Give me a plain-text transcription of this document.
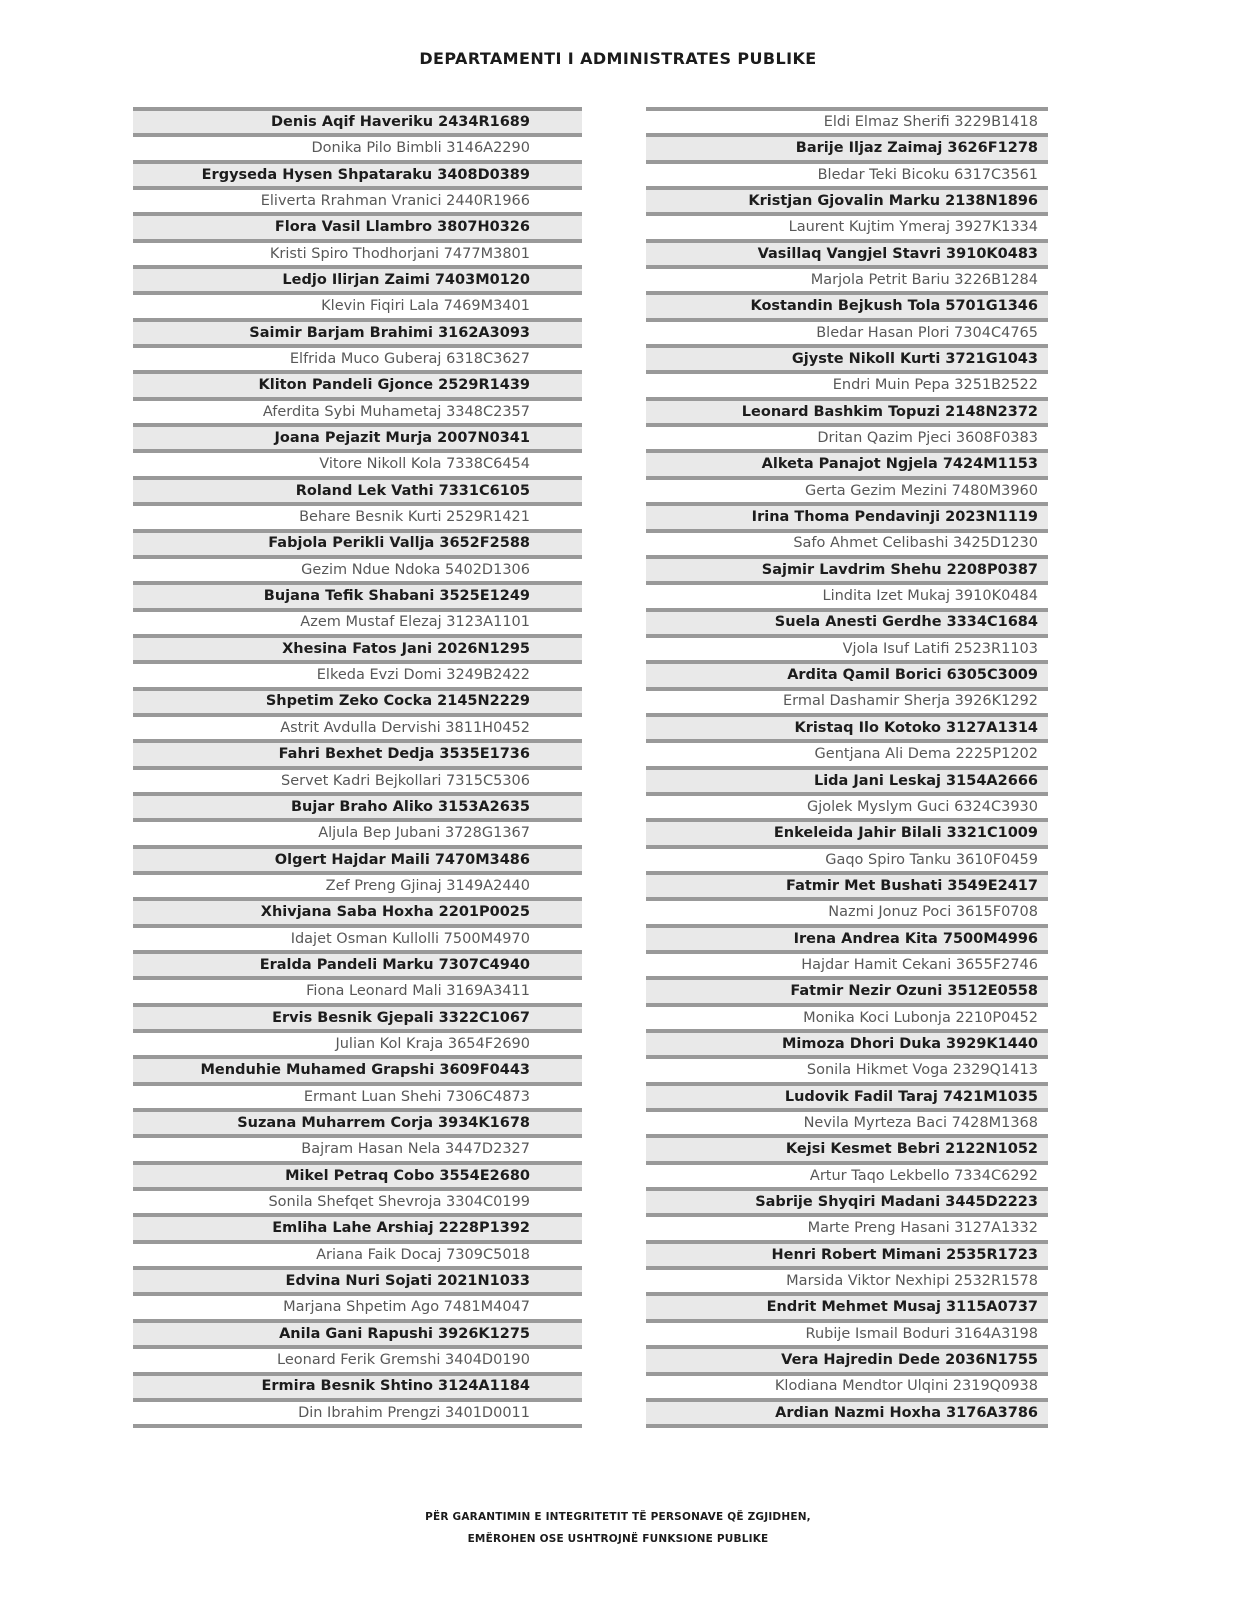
DEPARTAMENTI I ADMINISTRATES PUBLIKE
Denis Aqif Haveriku 2434R1689
Donika Pilo Bimbli 3146A2290
Ergyseda Hysen Shpataraku 3408D0389
Eliverta Rrahman Vranici 2440R1966
Flora Vasil Llambro 3807H0326
Kristi Spiro Thodhorjani 7477M3801
Ledjo Ilirjan Zaimi 7403M0120
Klevin Fiqiri Lala 7469M3401
Saimir Barjam Brahimi 3162A3093
Elfrida Muco Guberaj 6318C3627
Kliton Pandeli Gjonce 2529R1439
Aferdita Sybi Muhametaj 3348C2357
Joana Pejazit Murja 2007N0341
Vitore Nikoll Kola 7338C6454
Roland Lek Vathi 7331C6105
Behare Besnik Kurti 2529R1421
Fabjola Perikli Vallja 3652F2588
Gezim Ndue Ndoka 5402D1306
Bujana Tefik Shabani 3525E1249
Azem Mustaf Elezaj 3123A1101
Xhesina Fatos Jani 2026N1295
Elkeda Evzi Domi 3249B2422
Shpetim Zeko Cocka 2145N2229
Astrit Avdulla Dervishi 3811H0452
Fahri Bexhet Dedja 3535E1736
Servet Kadri Bejkollari 7315C5306
Bujar Braho Aliko 3153A2635
Aljula Bep Jubani 3728G1367
Olgert Hajdar Maili 7470M3486
Zef Preng Gjinaj 3149A2440
Xhivjana Saba Hoxha 2201P0025
Idajet Osman Kullolli 7500M4970
Eralda Pandeli Marku 7307C4940
Fiona Leonard Mali 3169A3411
Ervis Besnik Gjepali 3322C1067
Julian Kol Kraja 3654F2690
Menduhie Muhamed Grapshi 3609F0443
Ermant Luan Shehi 7306C4873
Suzana Muharrem Corja 3934K1678
Bajram Hasan Nela 3447D2327
Mikel Petraq Cobo 3554E2680
Sonila Shefqet Shevroja 3304C0199
Emliha Lahe Arshiaj 2228P1392
Ariana Faik Docaj 7309C5018
Edvina Nuri Sojati 2021N1033
Marjana Shpetim Ago 7481M4047
Anila Gani Rapushi 3926K1275
Leonard Ferik Gremshi 3404D0190
Ermira Besnik Shtino 3124A1184
Din Ibrahim Prengzi 3401D0011
Eldi Elmaz Sherifi 3229B1418
Barije Iljaz Zaimaj 3626F1278
Bledar Teki Bicoku 6317C3561
Kristjan Gjovalin Marku 2138N1896
Laurent Kujtim Ymeraj 3927K1334
Vasillaq Vangjel Stavri 3910K0483
Marjola Petrit Bariu 3226B1284
Kostandin Bejkush Tola 5701G1346
Bledar Hasan Plori 7304C4765
Gjyste Nikoll Kurti 3721G1043
Endri Muin Pepa 3251B2522
Leonard Bashkim Topuzi 2148N2372
Dritan Qazim Pjeci 3608F0383
Alketa Panajot Ngjela 7424M1153
Gerta Gezim Mezini 7480M3960
Irina Thoma Pendavinji 2023N1119
Safo Ahmet Celibashi 3425D1230
Sajmir Lavdrim Shehu 2208P0387
Lindita Izet Mukaj 3910K0484
Suela Anesti Gerdhe 3334C1684
Vjola Isuf Latifi 2523R1103
Ardita Qamil Borici 6305C3009
Ermal Dashamir Sherja 3926K1292
Kristaq Ilo Kotoko 3127A1314
Gentjana Ali Dema 2225P1202
Lida Jani Leskaj 3154A2666
Gjolek Myslym Guci 6324C3930
Enkeleida Jahir Bilali 3321C1009
Gaqo Spiro Tanku 3610F0459
Fatmir Met Bushati 3549E2417
Nazmi Jonuz Poci 3615F0708
Irena Andrea Kita 7500M4996
Hajdar Hamit Cekani 3655F2746
Fatmir Nezir Ozuni 3512E0558
Monika Koci Lubonja 2210P0452
Mimoza Dhori Duka 3929K1440
Sonila Hikmet Voga 2329Q1413
Ludovik Fadil Taraj 7421M1035
Nevila Myrteza Baci 7428M1368
Kejsi Kesmet Bebri 2122N1052
Artur Taqo Lekbello 7334C6292
Sabrije Shyqiri Madani 3445D2223
Marte Preng Hasani 3127A1332
Henri Robert Mimani 2535R1723
Marsida Viktor Nexhipi 2532R1578
Endrit Mehmet Musaj 3115A0737
Rubije Ismail Boduri 3164A3198
Vera Hajredin Dede 2036N1755
Klodiana Mendtor Ulqini 2319Q0938
Ardian Nazmi Hoxha 3176A3786
PËR GARANTIMIN E INTEGRITETIT TË PERSONAVE QË ZGJIDHEN,
EMËROHEN OSE USHTROJNË FUNKSIONE PUBLIKE
